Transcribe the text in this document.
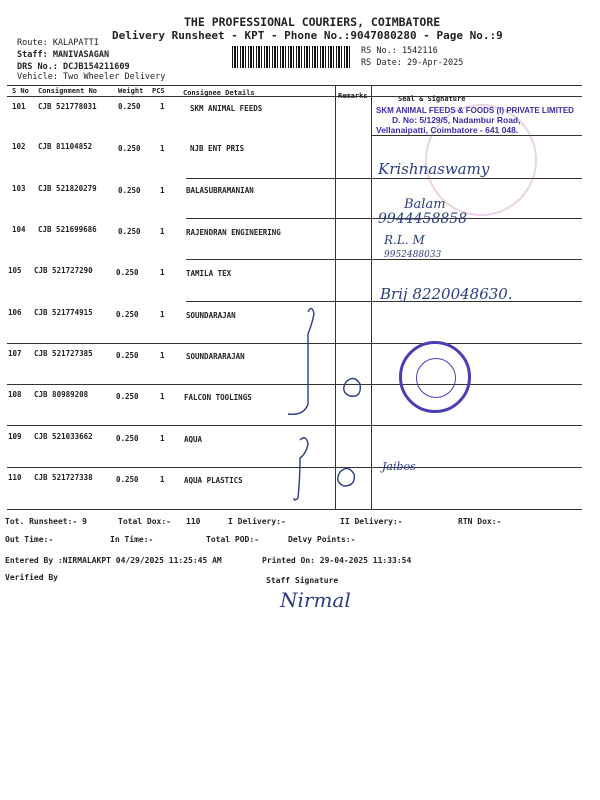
THE PROFESSIONAL COURIERS, COIMBATORE
Delivery Runsheet - KPT - Phone No.:9047080280 - Page No.:9
Route: KALAPATTI
Staff: MANIVASAGAN
DRS No.: DCJB154211609
Vehicle: Two Wheeler Delivery
RS No.: 1542116
RS Date: 29-Apr-2025
S No Consignment No	Weight PCS	Consignee Details	Remarks	Seal & Signature
101 CJB 521778031	0.250	1	SKM ANIMAL FEEDS
102 CJB 81104852	0.250	1	NJB ENT PRIS
103 CJB 521820279	0.250	1	BALASUBRAMANIAN
104 CJB 521699686	0.250	1	RAJENDRAN ENGINEERING
105 CJB 521727290	0.250	1	TAMILA TEX
106 CJB 521774915	0.250	1	SOUNDARAJAN
107 CJB 521727385	0.250	1	SOUNDARARAJAN
108 CJB 80989208	0.250	1	FALCON TOOLINGS
109 CJB 521033662	0.250	1	AQUA
110 CJB 521727338	0.250	1	AQUA PLASTICS
SKM ANIMAL FEEDS & FOODS (I) PRIVATE LIMITED
D. No: 5/129/5, Nadambur Road,
Vellanaipatti, Coimbatore - 641 048.
Krishnaswamy
Balam
9944458858
R.L. M
9952488033
Brij 8220048630.
Jaibos
Tot. Runsheet:- 9	Total Dox:- 110	I Delivery:-	II Delivery:-	RTN Dox:-
Out Time:-	In Time:-	Total POD:-	Delvy Points:-
Entered By :NIRMALAKPT 04/29/2025 11:25:45 AM	Printed On: 29-04-2025 11:33:54
Verified By	Staff Signature
Nirmal
